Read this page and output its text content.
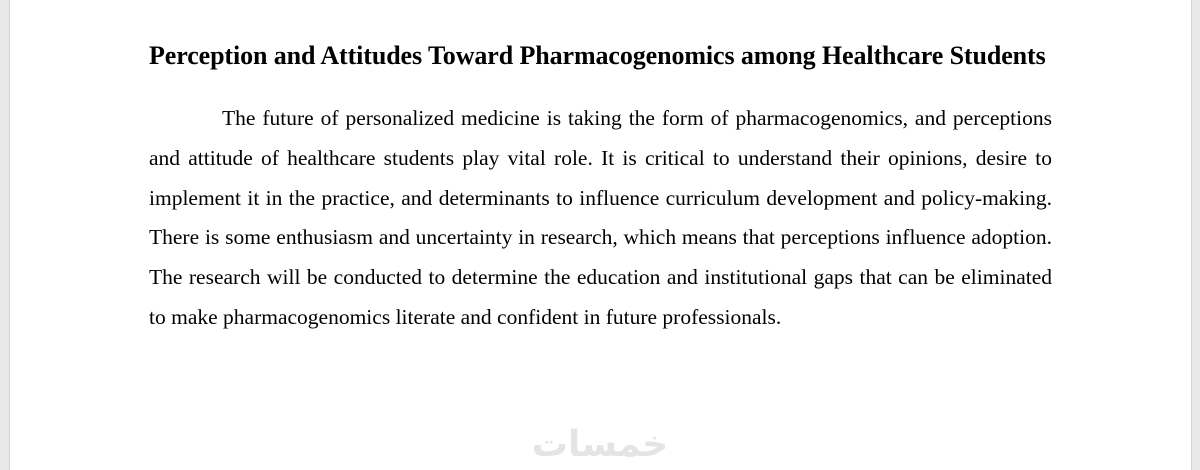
Perception and Attitudes Toward Pharmacogenomics among Healthcare Students

The future of personalized medicine is taking the form of pharmacogenomics, and perceptions and attitude of healthcare students play vital role. It is critical to understand their opinions, desire to implement it in the practice, and determinants to influence curriculum development and policy-making. There is some enthusiasm and uncertainty in research, which means that perceptions influence adoption. The research will be conducted to determine the education and institutional gaps that can be eliminated to make pharmacogenomics literate and confident in future professionals.

خمسات
